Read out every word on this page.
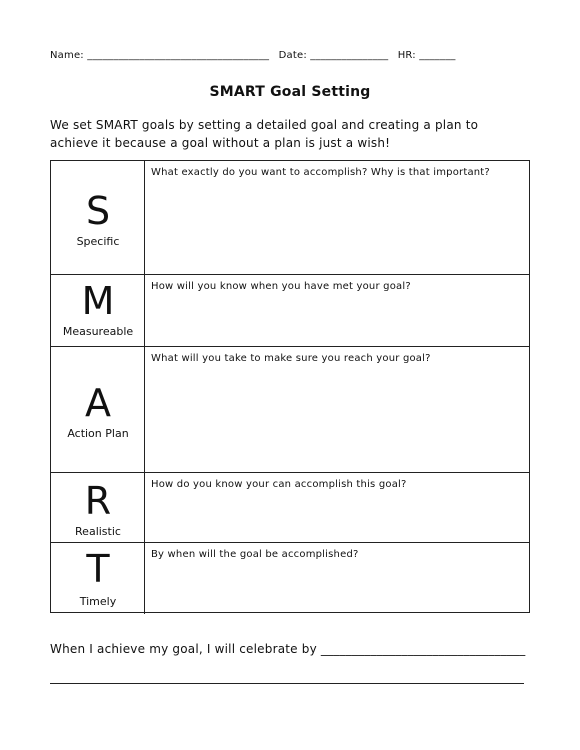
Name: ___________________________________ Date: _______________ HR: _______
SMART Goal Setting
We set SMART goals by setting a detailed goal and creating a plan to achieve it because a goal without a plan is just a wish!
S
Specific
What exactly do you want to accomplish? Why is that important?
M
Measureable
How will you know when you have met your goal?
A
Action Plan
What will you take to make sure you reach your goal?
R
Realistic
How do you know your can accomplish this goal?
T
Timely
By when will the goal be accomplished?
When I achieve my goal, I will celebrate by _________________________________
